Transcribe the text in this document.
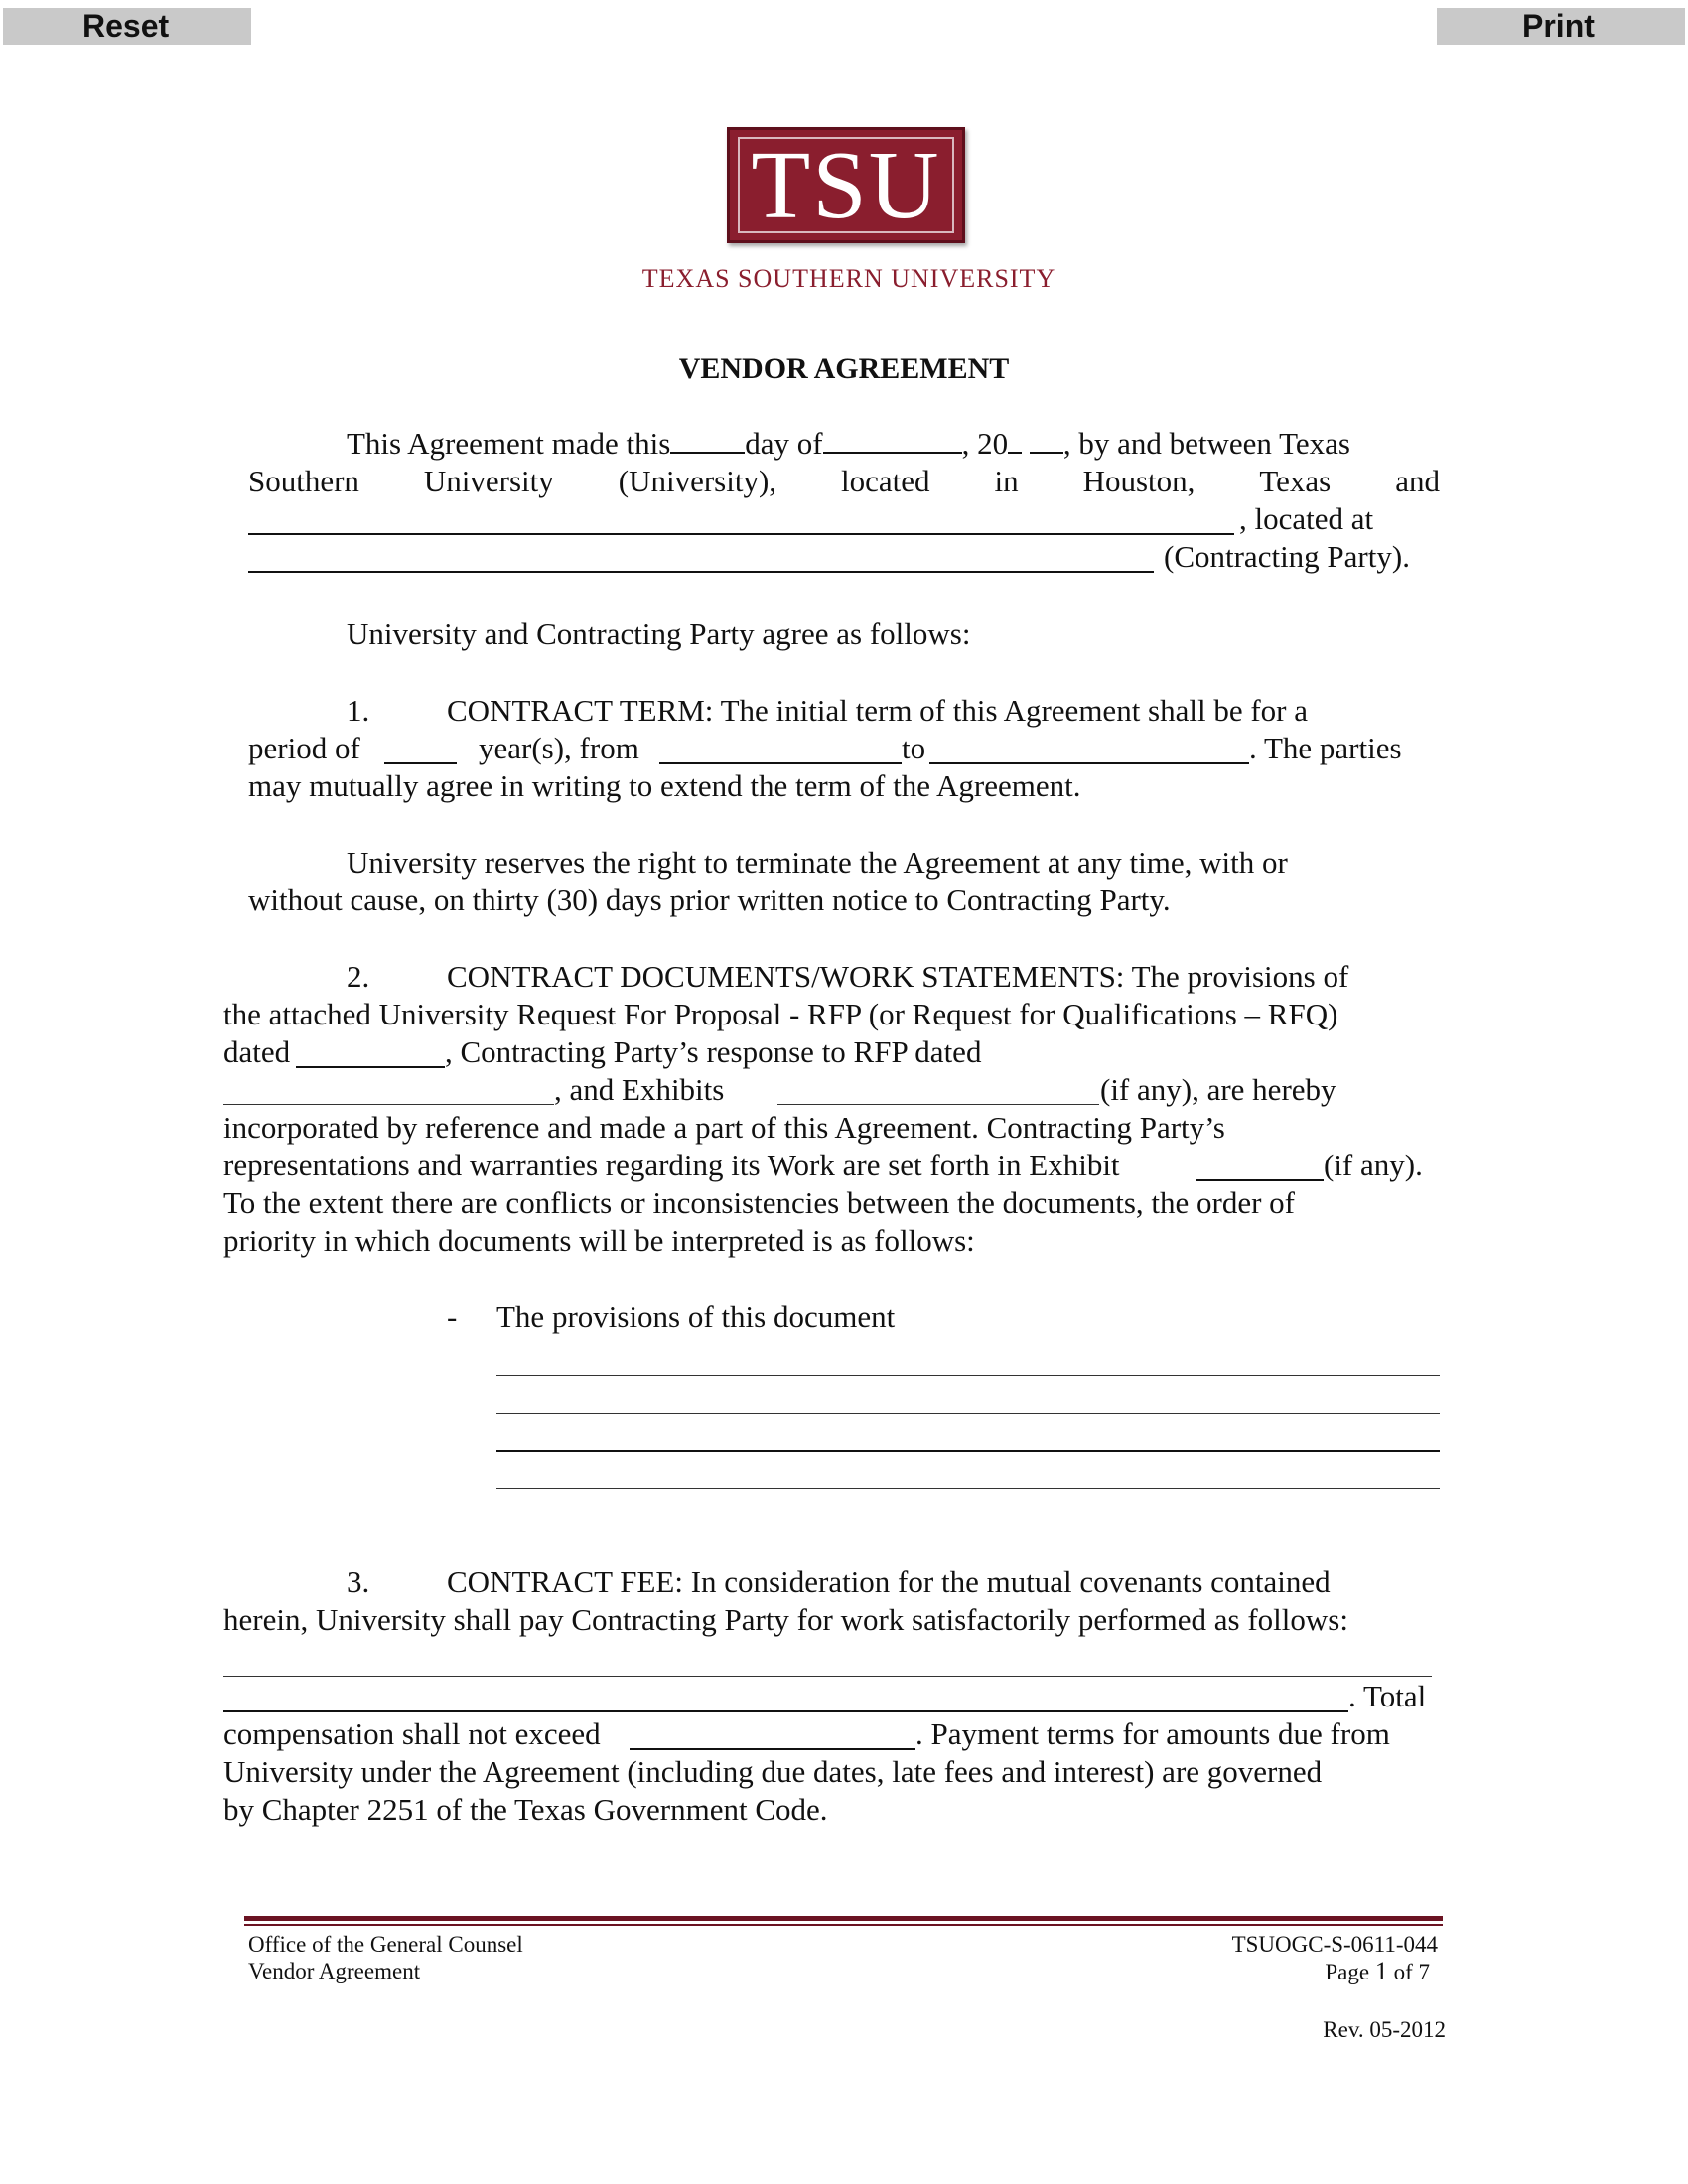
Reset	Print
TSU
TEXAS SOUTHERN UNIVERSITY
VENDOR AGREEMENT
This Agreement made this day of	, 20 , by and between Texas
Southern University (University), located in Houston, Texas and
, located at
(Contracting Party).
University and Contracting Party agree as follows:
1.	CONTRACT TERM: The initial term of this Agreement shall be for a
period of	year(s), from	to	. The parties
may mutually agree in writing to extend the term of the Agreement.
University reserves the right to terminate the Agreement at any time, with or
without cause, on thirty (30) days prior written notice to Contracting Party.
2.	CONTRACT DOCUMENTS/WORK STATEMENTS: The provisions of
the attached University Request For Proposal - RFP (or Request for Qualifications – RFQ)
dated	, Contracting Party’s response to RFP dated
, and Exhibits	(if any), are hereby
incorporated by reference and made a part of this Agreement. Contracting Party’s
representations and warranties regarding its Work are set forth in Exhibit	(if any).
To the extent there are conflicts or inconsistencies between the documents, the order of
priority in which documents will be interpreted is as follows:
- The provisions of this document
3.	CONTRACT FEE: In consideration for the mutual covenants contained
herein, University shall pay Contracting Party for work satisfactorily performed as follows:
. Total
compensation shall not exceed	. Payment terms for amounts due from
University under the Agreement (including due dates, late fees and interest) are governed
by Chapter 2251 of the Texas Government Code.
Office of the General Counsel
Vendor Agreement
TSUOGC-S-0611-044
Page 1 of 7
Rev. 05-2012
